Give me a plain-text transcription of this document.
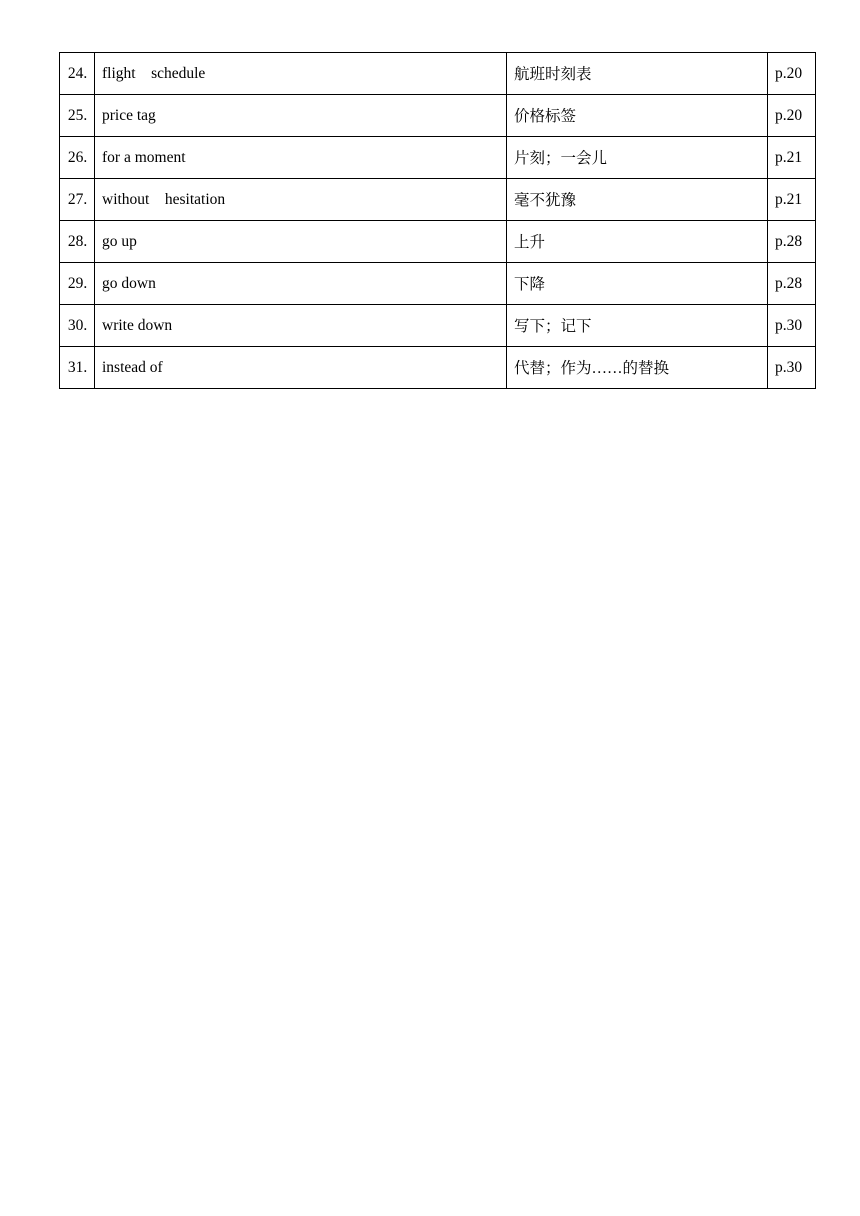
24.	flight    schedule	航班时刻表	p.20
25.	price tag	价格标签	p.20
26.	for a moment	片刻；一会儿	p.21
27.	without    hesitation	毫不犹豫	p.21
28.	go up	上升	p.28
29.	go down	下降	p.28
30.	write down	写下；记下	p.30
31.	instead of	代替；作为……的替换	p.30
